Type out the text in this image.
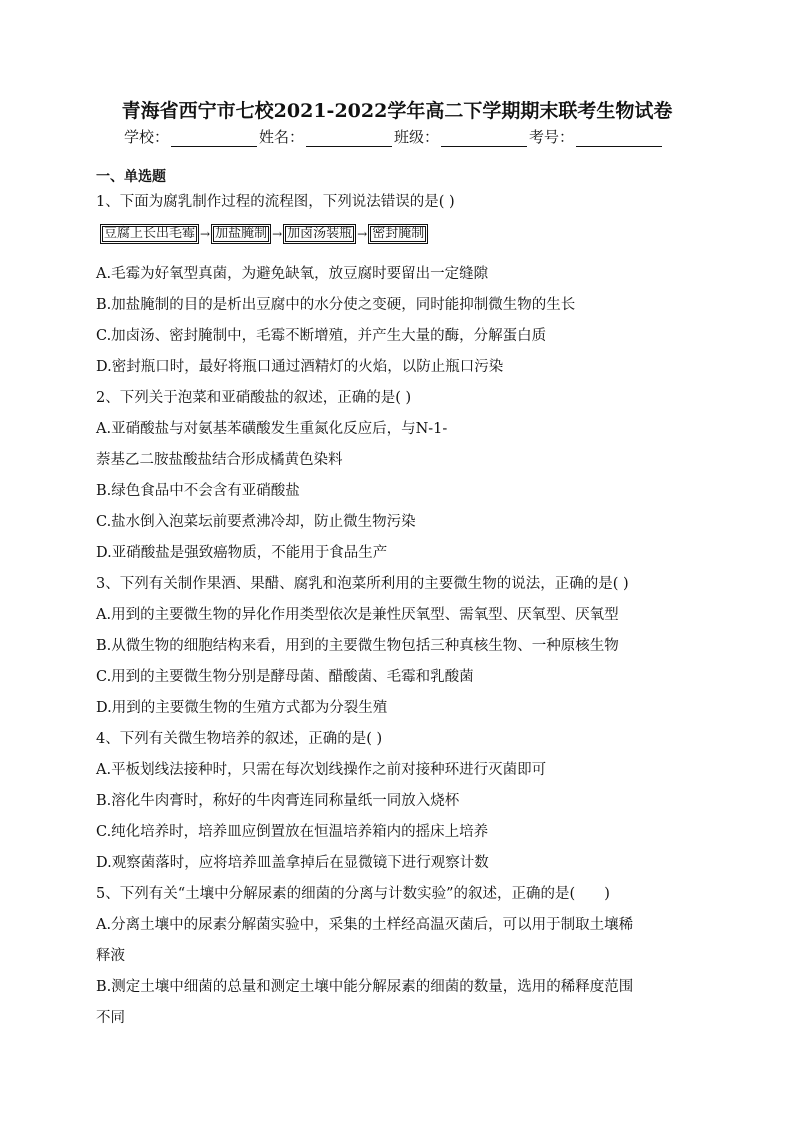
青海省西宁市七校2021-2022学年高二下学期期末联考生物试卷
学校：	姓名：	班级：	考号：
一、单选题
1、下面为腐乳制作过程的流程图，下列说法错误的是( )
豆腐上长出毛霉 → 加盐腌制 → 加卤汤装瓶 → 密封腌制
A.毛霉为好氧型真菌，为避免缺氧，放豆腐时要留出一定缝隙
B.加盐腌制的目的是析出豆腐中的水分使之变硬，同时能抑制微生物的生长
C.加卤汤、密封腌制中，毛霉不断增殖，并产生大量的酶，分解蛋白质
D.密封瓶口时，最好将瓶口通过酒精灯的火焰，以防止瓶口污染
2、下列关于泡菜和亚硝酸盐的叙述，正确的是( )
A.亚硝酸盐与对氨基苯磺酸发生重氮化反应后，与N-1-
萘基乙二胺盐酸盐结合形成橘黄色染料
B.绿色食品中不会含有亚硝酸盐
C.盐水倒入泡菜坛前要煮沸冷却，防止微生物污染
D.亚硝酸盐是强致癌物质，不能用于食品生产
3、下列有关制作果酒、果醋、腐乳和泡菜所利用的主要微生物的说法，正确的是( )
A.用到的主要微生物的异化作用类型依次是兼性厌氧型、需氧型、厌氧型、厌氧型
B.从微生物的细胞结构来看，用到的主要微生物包括三种真核生物、一种原核生物
C.用到的主要微生物分别是酵母菌、醋酸菌、毛霉和乳酸菌
D.用到的主要微生物的生殖方式都为分裂生殖
4、下列有关微生物培养的叙述，正确的是( )
A.平板划线法接种时，只需在每次划线操作之前对接种环进行灭菌即可
B.溶化牛肉膏时，称好的牛肉膏连同称量纸一同放入烧杯
C.纯化培养时，培养皿应倒置放在恒温培养箱内的摇床上培养
D.观察菌落时，应将培养皿盖拿掉后在显微镜下进行观察计数
5、下列有关“土壤中分解尿素的细菌的分离与计数实验”的叙述，正确的是(　　)
A.分离土壤中的尿素分解菌实验中，采集的土样经高温灭菌后，可以用于制取土壤稀
释液
B.测定土壤中细菌的总量和测定土壤中能分解尿素的细菌的数量，选用的稀释度范围
不同
